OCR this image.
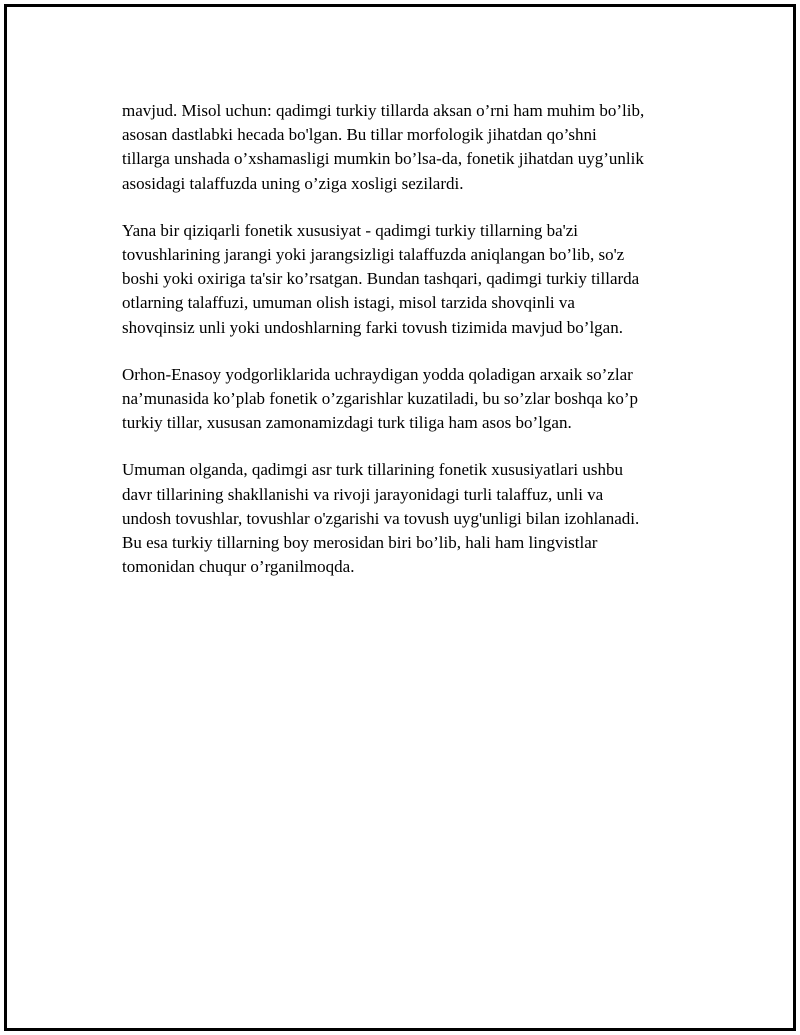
mavjud. Misol uchun: qadimgi turkiy tillarda aksan o’rni ham muhim bo’lib,
asosan dastlabki hecada bo'lgan. Bu tillar morfologik jihatdan qo’shni
tillarga unshada o’xshamasligi mumkin bo’lsa-da, fonetik jihatdan uyg’unlik
asosidagi talaffuzda uning o’ziga xosligi sezilardi.

Yana bir qiziqarli fonetik xususiyat - qadimgi turkiy tillarning ba'zi
tovushlarining jarangi yoki jarangsizligi talaffuzda aniqlangan bo’lib, so'z
boshi yoki oxiriga ta'sir ko’rsatgan. Bundan tashqari, qadimgi turkiy tillarda
otlarning talaffuzi, umuman olish istagi, misol tarzida shovqinli va
shovqinsiz unli yoki undoshlarning farki tovush tizimida mavjud bo’lgan.

Orhon-Enasoy yodgorliklarida uchraydigan yodda qoladigan arxaik so’zlar
na’munasida ko’plab fonetik o’zgarishlar kuzatiladi, bu so’zlar boshqa ko’p
turkiy tillar, xususan zamonamizdagi turk tiliga ham asos bo’lgan.

Umuman olganda, qadimgi asr turk tillarining fonetik xususiyatlari ushbu
davr tillarining shakllanishi va rivoji jarayonidagi turli talaffuz, unli va
undosh tovushlar, tovushlar o'zgarishi va tovush uyg'unligi bilan izohlanadi.
Bu esa turkiy tillarning boy merosidan biri bo’lib, hali ham lingvistlar
tomonidan chuqur o’rganilmoqda.
